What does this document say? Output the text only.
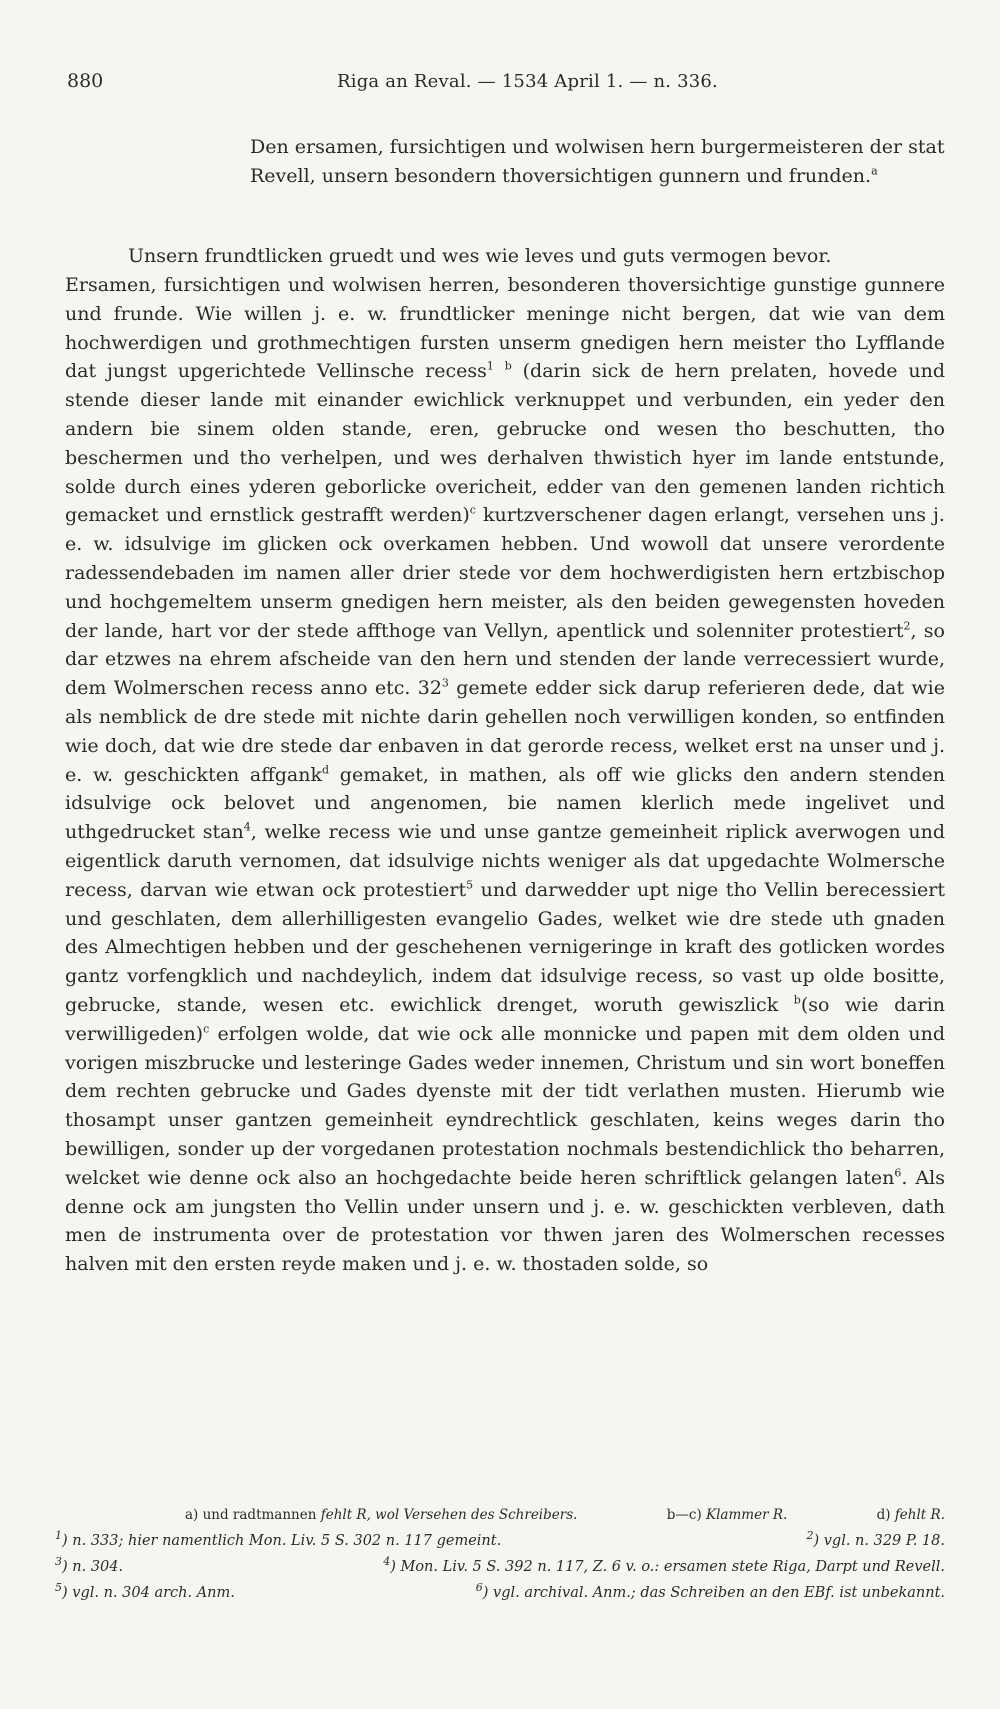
880	Riga an Reval. — 1534 April 1. — n. 336.
Den ersamen, fursichtigen und wolwisen hern burgermeisteren der stat Revell, unsern besondern thoversichtigen gunnern und frunden.$^a$
Unsern frundtlicken gruedt und wes wie leves und guts vermogen bevor.

Ersamen, fursichtigen und wolwisen herren, besonderen thoversichtige gunstige gunnere und frunde. Wie willen j. e. w. frundtlicker meninge nicht bergen, dat wie van dem hochwerdigen und grothmechtigen fursten unserm gnedigen hern meister tho Lyfflande dat jungst upgerichtede Vellinsche recess$^1$ $^b$ (darin sick de hern prelaten, hovede und stende dieser lande mit einander ewichlick verknuppet und verbunden, ein yeder den andern bie sinem olden stande, eren, gebrucke ond wesen tho beschutten, tho beschermen und tho verhelpen, und wes derhalven thwistich hyer im lande entstunde, solde durch eines yderen geborlicke overicheit, edder van den gemenen landen richtich gemacket und ernstlick gestrafft werden)$^c$ kurtzverschener dagen erlangt, versehen uns j. e. w. idsulvige im glicken ock overkamen hebben. Und wowoll dat unsere verordente radessendebaden im namen aller drier stede vor dem hochwerdigisten hern ertzbischop und hochgemeltem unserm gnedigen hern meister, als den beiden gewegensten hoveden der lande, hart vor der stede affthoge van Vellyn, apentlick und solenniter protestiert$^2$, so dar etzwes na ehrem afscheide van den hern und stenden der lande verrecessiert wurde, dem Wolmerschen recess anno etc. $32^3$ gemete edder sick darup referieren dede, dat wie als nemblick de dre stede mit nichte darin gehellen noch verwilligen konden, so entfinden wie doch, dat wie dre stede dar enbaven in dat gerorde recess, welket erst na unser und j. e. w. geschickten affgank$^d$ gemaket, in mathen, als off wie glicks den andern stenden idsulvige ock belovet und angenomen, bie namen klerlich mede ingelivet und uthgedrucket stan$^4$, welke recess wie und unse gantze gemeinheit riplick averwogen und eigentlick daruth vernomen, dat idsulvige nichts weniger als dat upgedachte Wolmersche recess, darvan wie etwan ock protestiert$^5$ und darwedder upt nige tho Vellin berecessiert und geschlaten, dem allerhilligesten evangelio Gades, welket wie dre stede uth gnaden des Almechtigen hebben und der geschehenen vernigeringe in kraft des gotlicken wordes gantz vorfengklich und nachdeylich, indem dat idsulvige recess, so vast up olde bositte, gebrucke, stande, wesen etc. ewichlick drenget, woruth gewiszlick $^b$(so wie darin verwilligeden)$^c$ erfolgen wolde, dat wie ock alle monnicke und papen mit dem olden und vorigen miszbrucke und lesteringe Gades weder innemen, Christum und sin wort boneffen dem rechten gebrucke und Gades dyenste mit der tidt verlathen musten. Hierumb wie thosampt unser gantzen gemeinheit eyndrechtlick geschlaten, keins weges darin tho bewilligen, sonder up der vorgedanen protestation nochmals bestendichlick tho beharren, welcket wie denne ock also an hochgedachte beide heren schriftlick gelangen laten$^6$. Als denne ock am jungsten tho Vellin under unsern und j. e. w. geschickten verbleven, dath men de instrumenta over de protestation vor thwen jaren des Wolmerschen recesses halven mit den ersten reyde maken und j. e. w. thostaden solde, so

a) und radtmannen fehlt R, wol Versehen des Schreibers.	b—c) Klammer R.	d) fehlt R.
$^1$) n. 333; hier namentlich Mon. Liv. 5 S. 302 n. 117 gemeint.	$^2$) vgl. n. 329 P. 18.
$^3$) n. 304.	$^4$) Mon. Liv. 5 S. 392 n. 117, Z. 6 v. o.: ersamen stete Riga, Darpt und Revell.
$^5$) vgl. n. 304 arch. Anm.	$^6$) vgl. archival. Anm.; das Schreiben an den EBf. ist unbekannt.
